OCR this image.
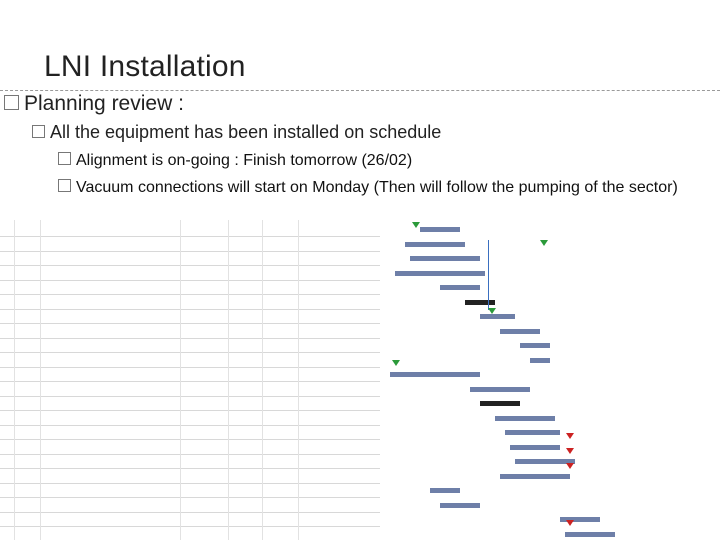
LNI Installation
Planning review :
All the equipment has been installed on schedule
Alignment is on-going : Finish tomorrow (26/02)
Vacuum connections will start on Monday (Then will follow the pumping of the sector)
